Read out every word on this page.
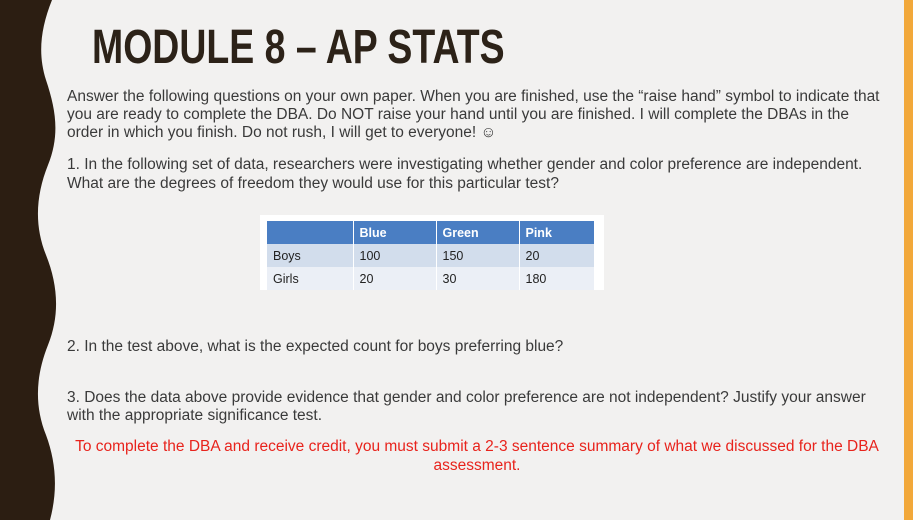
MODULE 8 – AP STATS
Answer the following questions on your own paper. When you are finished, use the “raise hand” symbol to indicate that you are ready to complete the DBA. Do NOT raise your hand until you are finished. I will complete the DBAs in the order in which you finish. Do not rush, I will get to everyone! ☺
1. In the following set of data, researchers were investigating whether gender and color preference are independent. What are the degrees of freedom they would use for this particular test?
	Blue	Green	Pink
Boys	100	150	20
Girls	20	30	180
2. In the test above, what is the expected count for boys preferring blue?
3. Does the data above provide evidence that gender and color preference are not independent? Justify your answer with the appropriate significance test.
To complete the DBA and receive credit, you must submit a 2-3 sentence summary of what we discussed for the DBA assessment.
